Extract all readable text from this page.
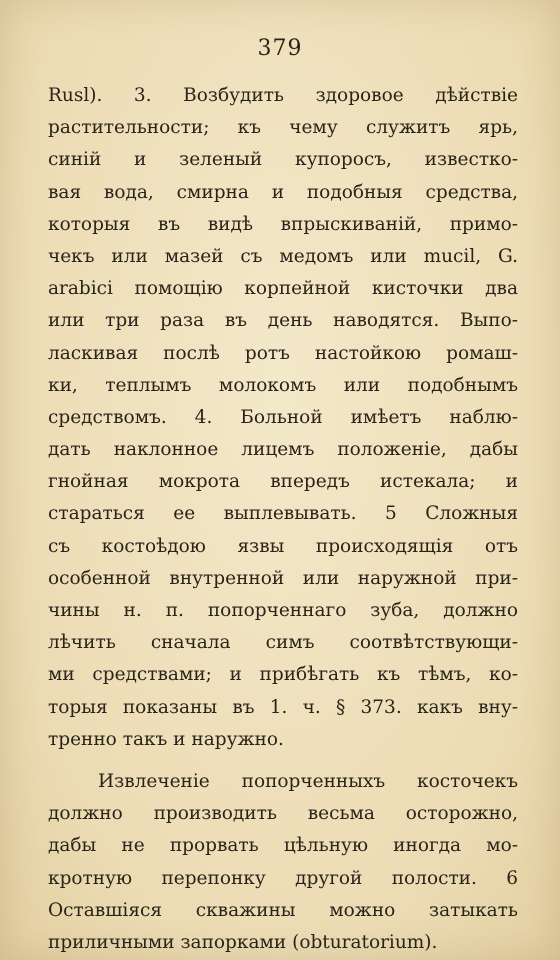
379
Rusl). 3. Возбудить здоровое дѣйствіе
растительности; къ чему служитъ ярь,
синій и зеленый купоросъ, известко-
вая вода, смирна и подобныя средства,
которыя въ видѣ впрыскиваній, примо-
чекъ или мазей съ медомъ или mucil, G.
arabici помощію корпейной кисточки два
или три раза въ день наводятся. Выпо-
ласкивая послѣ ротъ настойкою ромаш-
ки, теплымъ молокомъ или подобнымъ
средствомъ. 4. Больной имѣетъ наблю-
дать наклонное лицемъ положеніе, дабы
гнойная мокрота впередъ истекала; и
стараться ее выплевывать. 5 Сложныя
съ костоѣдою язвы происходящія отъ
особенной внутренной или наружной при-
чины н. п. попорченнаго зуба, должно
лѣчить сначала симъ соотвѣтствующи-
ми средствами; и прибѣгать къ тѣмъ, ко-
торыя показаны въ 1. ч. § 373. какъ вну-
тренно такъ и наружно.
Извлеченіе попорченныхъ косточекъ
должно производить весьма осторожно,
дабы не прорвать цѣльную иногда мо-
кротную перепонку другой полости. 6
Оставшіяся скважины можно затыкать
приличными запорками (obturatorium).
